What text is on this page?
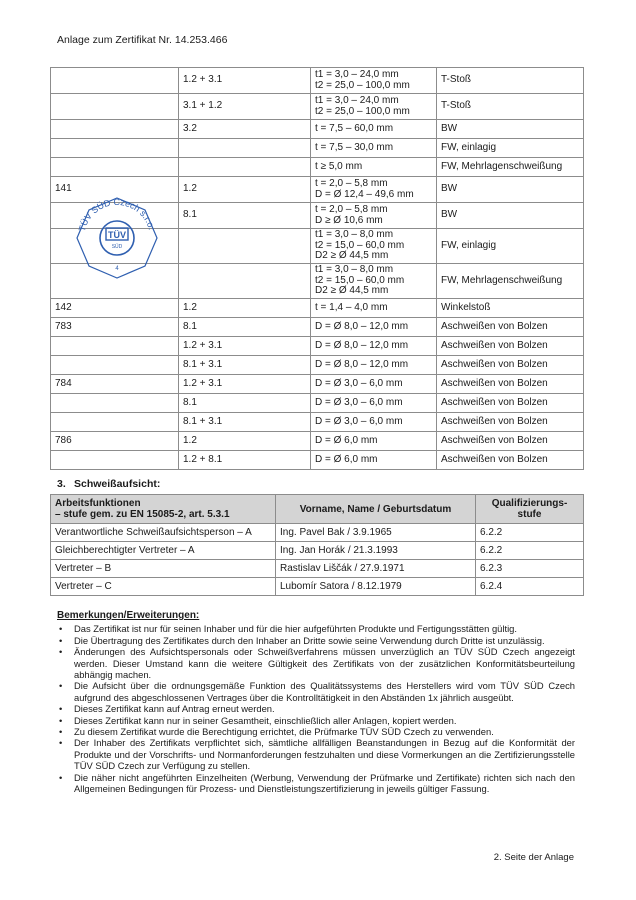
Anlage zum Zertifikat Nr. 14.253.466
	1.2 + 3.1	t1 = 3,0 – 24,0 mm
t2 = 25,0 – 100,0 mm	T-Stoß
	3.1 + 1.2	t1 = 3,0 – 24,0 mm
t2 = 25,0 – 100,0 mm	T-Stoß
	3.2	t = 7,5 – 60,0 mm	BW

		t = 7,5 – 30,0 mm	FW, einlagig

		t ≥ 5,0 mm	FW, Mehrlagenschweißung
141	1.2	t = 2,0 – 5,8 mm
D = Ø 12,4 – 49,6 mm	BW
	8.1	t = 2,0 – 5,8 mm
D ≥ Ø 10,6 mm	BW

		t1 = 3,0 – 8,0 mm
t2 = 15,0 – 60,0 mm
D2 ≥ Ø 44,5 mm	FW, einlagig

		t1 = 3,0 – 8,0 mm
t2 = 15,0 – 60,0 mm
D2 ≥ Ø 44,5 mm	FW, Mehrlagenschweißung
142	1.2	t = 1,4 – 4,0 mm	Winkelstoß
783	8.1	D = Ø 8,0 – 12,0 mm	Aschweißen von Bolzen
	1.2 + 3.1	D = Ø 8,0 – 12,0 mm	Aschweißen von Bolzen
	8.1 + 3.1	D = Ø 8,0 – 12,0 mm	Aschweißen von Bolzen
784	1.2 + 3.1	D = Ø 3,0 – 6,0 mm	Aschweißen von Bolzen
	8.1	D = Ø 3,0 – 6,0 mm	Aschweißen von Bolzen
	8.1 + 3.1	D = Ø 3,0 – 6,0 mm	Aschweißen von Bolzen
786	1.2	D = Ø 6,0 mm	Aschweißen von Bolzen
	1.2 + 8.1	D = Ø 6,0 mm	Aschweißen von Bolzen
TÜV SÜD Czech s.r.o.
TÜV
SÜD
4
3. Schweißaufsicht:
Arbeitsfunktionen
– stufe gem. zu EN 15085-2, art. 5.3.1	Vorname, Name / Geburtsdatum	Qualifizierungs-
stufe
Verantwortliche Schweißaufsichtsperson – A	Ing. Pavel Bak / 3.9.1965	6.2.2
Gleichberechtigter Vertreter – A	Ing. Jan Horák / 21.3.1993	6.2.2
Vertreter – B	Rastislav Liščák / 27.9.1971	6.2.3
Vertreter – C	Lubomír Satora / 8.12.1979	6.2.4
Bemerkungen/Erweiterungen:
• Das Zertifikat ist nur für seinen Inhaber und für die hier aufgeführten Produkte und Fertigungsstätten gültig.
• Die Übertragung des Zertifikates durch den Inhaber an Dritte sowie seine Verwendung durch Dritte ist unzulässig.
• Änderungen des Aufsichtspersonals oder Schweißverfahrens müssen unverzüglich an TÜV SÜD Czech angezeigt werden. Dieser Umstand kann die weitere Gültigkeit des Zertifikats von der zusätzlichen Konformitätsbeurteilung abhängig machen.
• Die Aufsicht über die ordnungsgemäße Funktion des Qualitätssystems des Herstellers wird vom TÜV SÜD Czech aufgrund des abgeschlossenen Vertrages über die Kontrolltätigkeit in den Abständen 1x jährlich ausgeübt.
• Dieses Zertifikat kann auf Antrag erneut werden.
• Dieses Zertifikat kann nur in seiner Gesamtheit, einschließlich aller Anlagen, kopiert werden.
• Zu diesem Zertifikat wurde die Berechtigung errichtet, die Prüfmarke TÜV SÜD Czech zu verwenden.
• Der Inhaber des Zertifikats verpflichtet sich, sämtliche allfälligen Beanstandungen in Bezug auf die Konformität der Produkte und der Vorschrifts- und Normanforderungen festzuhalten und diese Vormerkungen an die Zertifizierungsstelle TÜV SÜD Czech zur Verfügung zu stellen.
• Die näher nicht angeführten Einzelheiten (Werbung, Verwendung der Prüfmarke und Zertifikate) richten sich nach den Allgemeinen Bedingungen für Prozess- und Dienstleistungszertifizierung in jeweils gültiger Fassung.
2. Seite der Anlage
